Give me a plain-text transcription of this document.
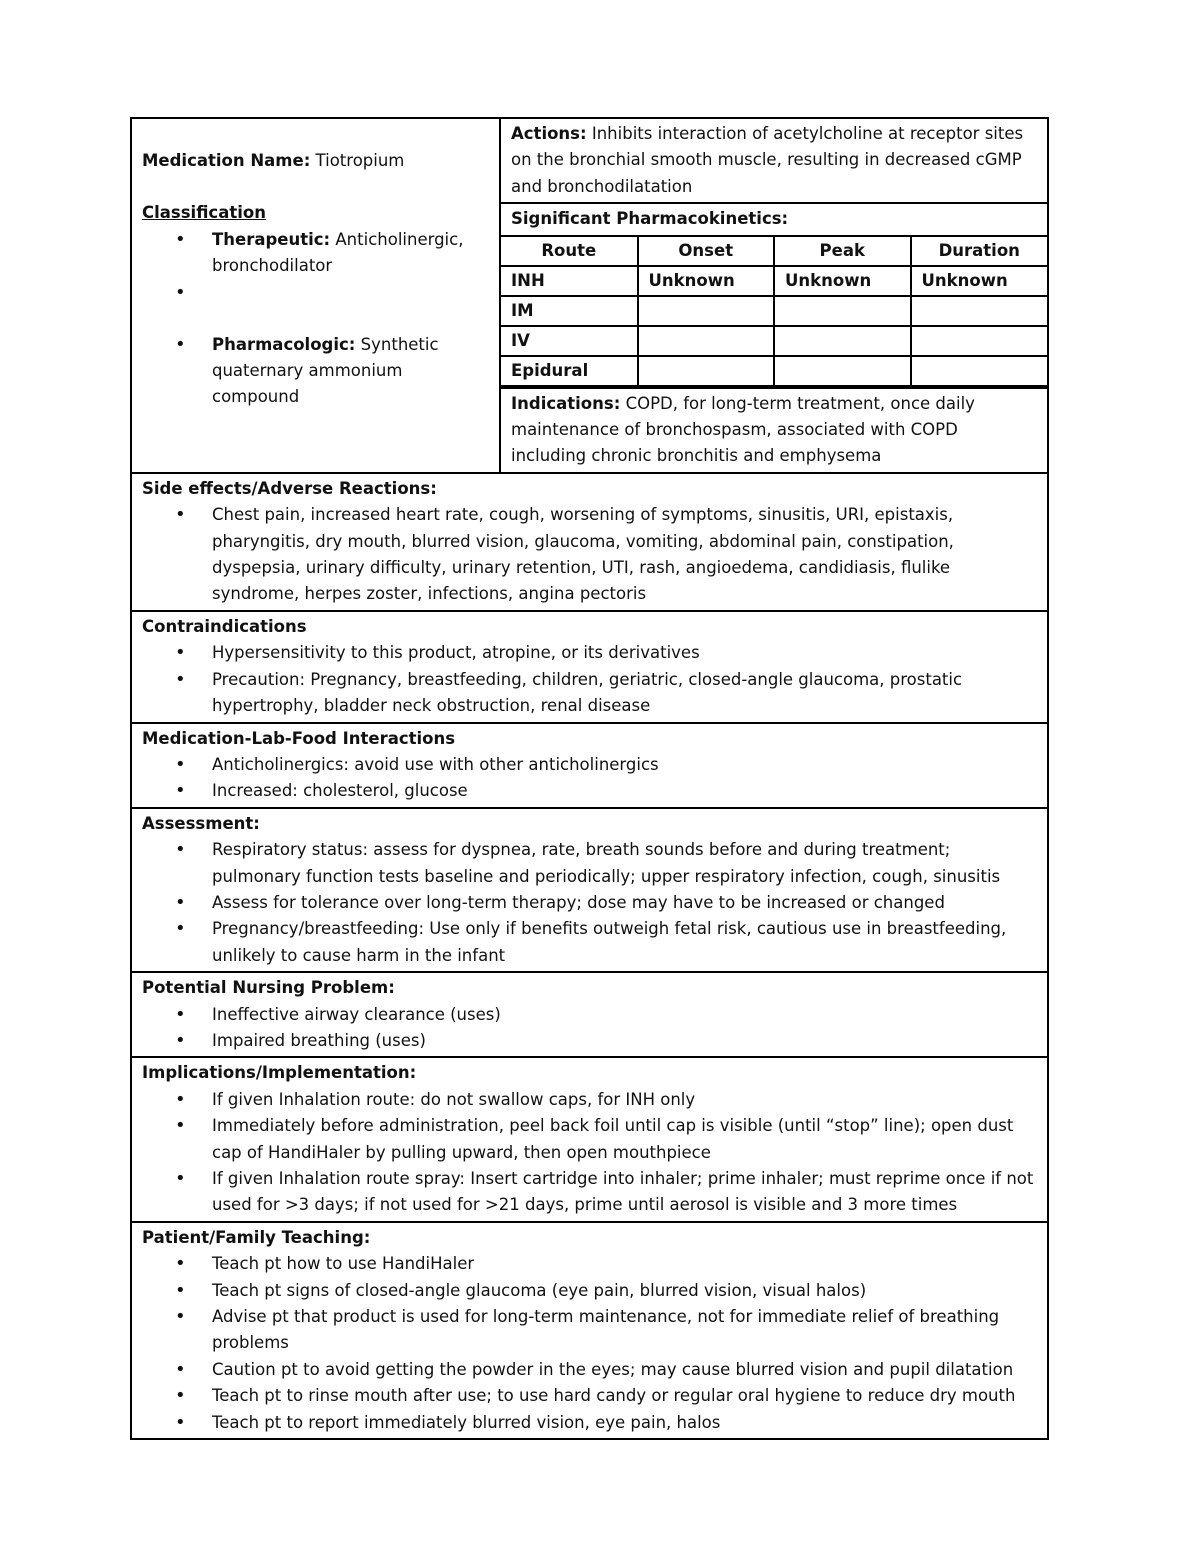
Medication Name: Tiotropium
Classification
• Therapeutic: Anticholinergic, bronchodilator
•
• Pharmacologic: Synthetic quaternary ammonium compound

Actions: Inhibits interaction of acetylcholine at receptor sites on the bronchial smooth muscle, resulting in decreased cGMP and bronchodilatation
Significant Pharmacokinetics:
Route	Onset	Peak	Duration
INH	Unknown	Unknown	Unknown
IM			
IV			
Epidural			
Indications: COPD, for long-term treatment, once daily maintenance of bronchospasm, associated with COPD including chronic bronchitis and emphysema

Side effects/Adverse Reactions:
• Chest pain, increased heart rate, cough, worsening of symptoms, sinusitis, URI, epistaxis, pharyngitis, dry mouth, blurred vision, glaucoma, vomiting, abdominal pain, constipation, dyspepsia, urinary difficulty, urinary retention, UTI, rash, angioedema, candidiasis, flulike syndrome, herpes zoster, infections, angina pectoris

Contraindications
• Hypersensitivity to this product, atropine, or its derivatives
• Precaution: Pregnancy, breastfeeding, children, geriatric, closed-angle glaucoma, prostatic hypertrophy, bladder neck obstruction, renal disease

Medication-Lab-Food Interactions
• Anticholinergics: avoid use with other anticholinergics
• Increased: cholesterol, glucose

Assessment:
• Respiratory status: assess for dyspnea, rate, breath sounds before and during treatment; pulmonary function tests baseline and periodically; upper respiratory infection, cough, sinusitis
• Assess for tolerance over long-term therapy; dose may have to be increased or changed
• Pregnancy/breastfeeding: Use only if benefits outweigh fetal risk, cautious use in breastfeeding, unlikely to cause harm in the infant

Potential Nursing Problem:
• Ineffective airway clearance (uses)
• Impaired breathing (uses)

Implications/Implementation:
• If given Inhalation route: do not swallow caps, for INH only
• Immediately before administration, peel back foil until cap is visible (until “stop” line); open dust cap of HandiHaler by pulling upward, then open mouthpiece
• If given Inhalation route spray: Insert cartridge into inhaler; prime inhaler; must reprime once if not used for >3 days; if not used for >21 days, prime until aerosol is visible and 3 more times

Patient/Family Teaching:
• Teach pt how to use HandiHaler
• Teach pt signs of closed-angle glaucoma (eye pain, blurred vision, visual halos)
• Advise pt that product is used for long-term maintenance, not for immediate relief of breathing problems
• Caution pt to avoid getting the powder in the eyes; may cause blurred vision and pupil dilatation
• Teach pt to rinse mouth after use; to use hard candy or regular oral hygiene to reduce dry mouth
• Teach pt to report immediately blurred vision, eye pain, halos
